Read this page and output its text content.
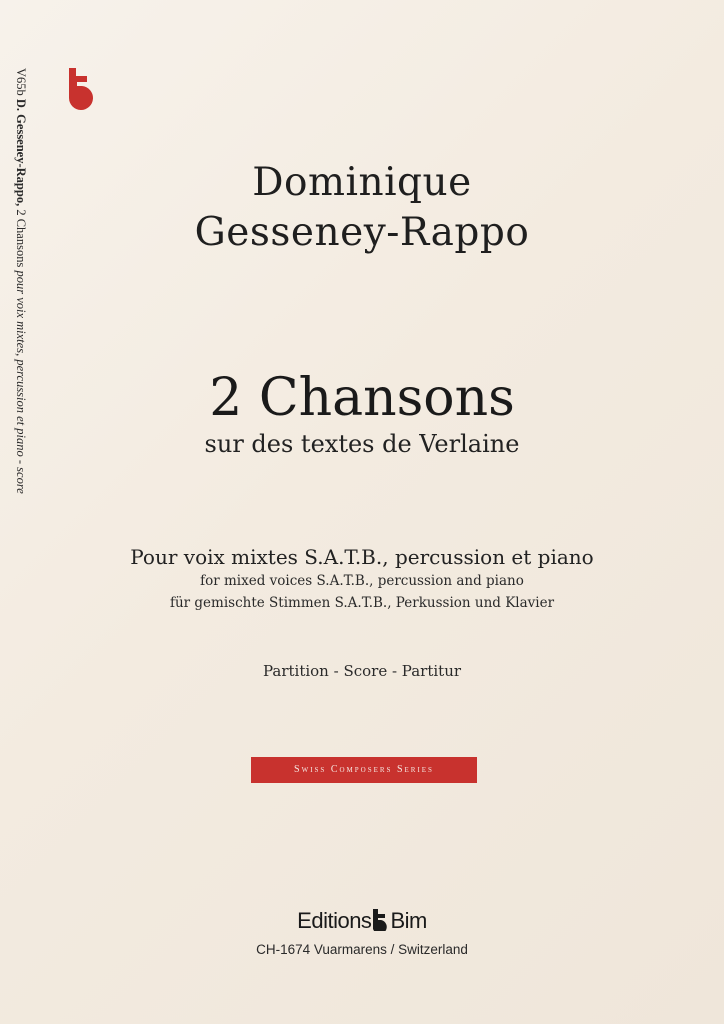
V65b D. Gesseney-Rappo, 2 Chansons pour voix mixtes, percussion et piano - score
Dominique
Gesseney-Rappo
2 Chansons
sur des textes de Verlaine
Pour voix mixtes S.A.T.B., percussion et piano
for mixed voices S.A.T.B., percussion and piano
für gemischte Stimmen S.A.T.B., Perkussion und Klavier
Partition - Score - Partitur
Swiss Composers Series
Editions Bim
CH-1674 Vuarmarens / Switzerland
